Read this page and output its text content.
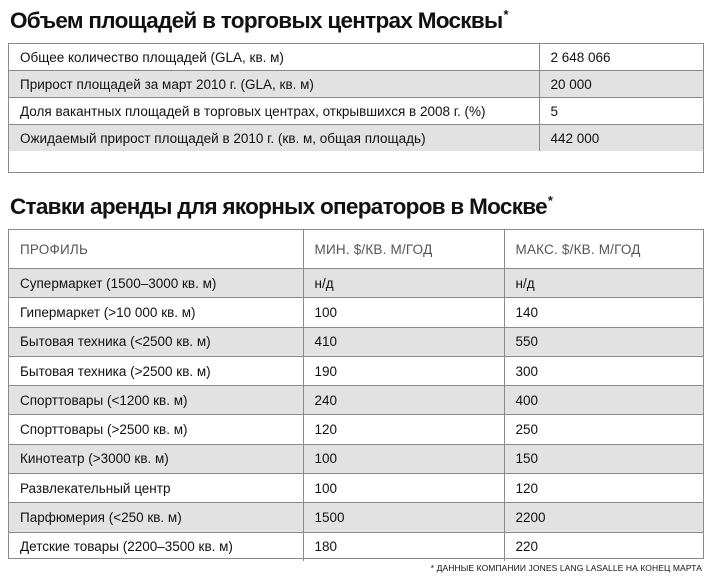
Объем площадей в торговых центрах Москвы*
Общее количество площадей (GLA, кв. м)	2 648 066
Прирост площадей за март 2010 г. (GLA, кв. м)	20 000
Доля вакантных площадей в торговых центрах, открывшихся в 2008 г. (%)	5
Ожидаемый прирост площадей в 2010 г. (кв. м, общая площадь)	442 000
Ставки аренды для якорных операторов в Москве*
ПРОФИЛЬ	МИН. $/КВ. М/ГОД	МАКС. $/КВ. М/ГОД
Супермаркет (1500–3000 кв. м)	н/д	н/д
Гипермаркет (>10 000 кв. м)	100	140
Бытовая техника (<2500 кв. м)	410	550
Бытовая техника (>2500 кв. м)	190	300
Спорттовары (<1200 кв. м)	240	400
Спорттовары (>2500 кв. м)	120	250
Кинотеатр (>3000 кв. м)	100	150
Развлекательный центр	100	120
Парфюмерия (<250 кв. м)	1500	2200
Детские товары (2200–3500 кв. м)	180	220
* ДАННЫЕ КОМПАНИИ JONES LANG LASALLE НА КОНЕЦ МАРТА
